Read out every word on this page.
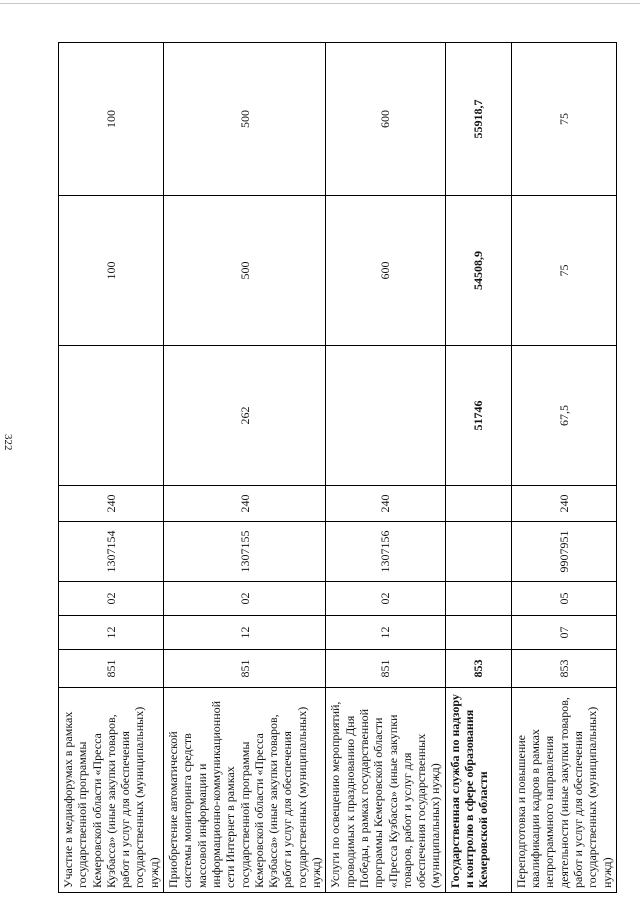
322
Участие в медиафорумах в рамках государственной программы Кемеровской области «Пресса Кузбасса» (иные закупки товаров, работ и услуг для обеспечения государственных (муниципальных) нужд)	851	12	02	1307154	240		100	100
Приобретение автоматической системы мониторинга средств массовой информации и информационно-коммуникационной сети Интернет в рамках государственной программы Кемеровской области «Пресса Кузбасса» (иные закупки товаров, работ и услуг для обеспечения государственных (муниципальных) нужд)	851	12	02	1307155	240	262	500	500
Услуги по освещению мероприятий, проводимых к празднованию Дня Победы, в рамках государственной программы Кемеровской области «Пресса Кузбасса» (иные закупки товаров, работ и услуг для обеспечения государственных (муниципальных) нужд)	851	12	02	1307156	240		600	600
Государственная служба по надзору и контролю в сфере образования Кемеровской области	853					51746	54508,9	55918,7
Переподготовка и повышение квалификации кадров в рамках непрограммного направления деятельности (иные закупки товаров, работ и услуг для обеспечения государственных (муниципальных) нужд)	853	07	05	9907951	240	67,5	75	75
